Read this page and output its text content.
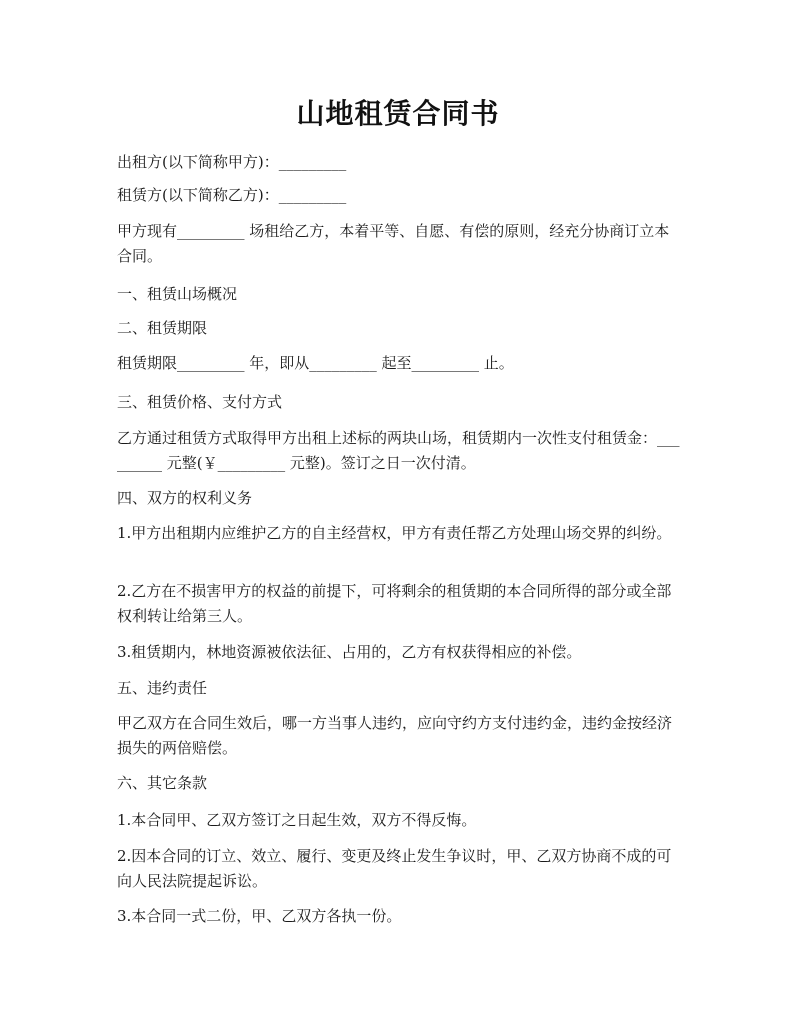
山地租赁合同书
出租方(以下简称甲方)：_________
租赁方(以下简称乙方)：_________
甲方现有_________ 场租给乙方，本着平等、自愿、有偿的原则，经充分协商订立本合同。
一、租赁山场概况
二、租赁期限
租赁期限_________ 年，即从_________ 起至_________ 止。
三、租赁价格、支付方式
乙方通过租赁方式取得甲方出租上述标的两块山场，租赁期内一次性支付租赁金：_________ 元整(￥_________ 元整)。签订之日一次付清。
四、双方的权利义务
1.甲方出租期内应维护乙方的自主经营权，甲方有责任帮乙方处理山场交界的纠纷。
2.乙方在不损害甲方的权益的前提下，可将剩余的租赁期的本合同所得的部分或全部权利转让给第三人。
3.租赁期内，林地资源被依法征、占用的，乙方有权获得相应的补偿。
五、违约责任
甲乙双方在合同生效后，哪一方当事人违约，应向守约方支付违约金，违约金按经济损失的两倍赔偿。
六、其它条款
1.本合同甲、乙双方签订之日起生效，双方不得反悔。
2.因本合同的订立、效立、履行、变更及终止发生争议时，甲、乙双方协商不成的可向人民法院提起诉讼。
3.本合同一式二份，甲、乙双方各执一份。
